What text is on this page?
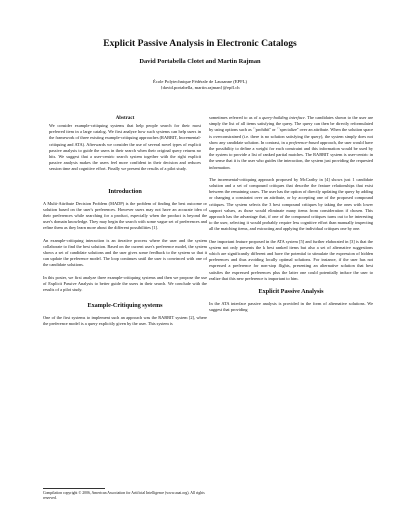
Explicit Passive Analysis in Electronic Catalogs
David Portabella Clotet and Martin Rajman
École Polytechnique Fédérale de Lausanne (EPFL)
{david.portabella, martin.rajman}@epfl.ch
Abstract

We consider example-critiquing systems that help people search for their most preferred item in a large catalog. We first analyze how such systems can help users in the framework of three existing example-critiquing approaches (RABBIT, Incremental-critiquing and ATA). Afterwards we consider the use of several novel types of explicit passive analysis to guide the users in their search when their original query returns no hits. We suggest that a user-centric search system together with the right explicit passive analysis makes the users feel more confident in their decision and reduces session time and cognitive effort. Finally we present the results of a pilot study.

Introduction

A Multi-Attribute Decision Problem (MADP) is the problem of finding the best outcome or solution based on the user's preferences. However users may not have an accurate idea of their preferences while searching for a product, especially when the product is beyond the user's domain knowledge. They may begin the search with some vague set of preferences and refine them as they learn more about the different possibilities [1].

An example-critiquing interaction is an iterative process where the user and the system collaborate to find the best solution. Based on the current user's preference model, the system shows a set of candidate solutions and the user gives some feedback to the system so that it can update the preference model. The loop continues until the user is convinced with one of the candidate solutions.

In this poster, we first analyze three example-critiquing systems and then we propose the use of Explicit Passive Analysis to better guide the users in their search. We conclude with the results of a pilot study.

Example-Critiquing systems

One of the first systems to implement such an approach was the RABBIT system [2], where the preference model is a query explicitly given by the user. This system is

sometimes referred to as of a query-building interface. The candidates shown to the user are simply the list of all items satisfying the query. The query can then be directly reformulated by using options such as ``prohibit'' or ``specialize'' over an attribute. When the solution space is overconstrained (i.e. there is no solution satisfying the query), the system simply does not show any candidate solution. In contrast, in a preference-based approach, the user would have the possibility to define a weight for each constraint and this information would be used by the system to provide a list of ranked partial matches. The RABBIT system is user-centric in the sense that it is the user who guides the interaction, the system just providing the requested information.

The incremental-critiquing approach proposed by McCarthy in [4] shows just 1 candidate solution and a set of compound critiques that describe the feature relationships that exist between the remaining cases. The user has the option of directly updating the query by adding or changing a constraint over an attribute, or by accepting one of the proposed compound critiques. The system selects the 3 best compound critiques by taking the ones with lower support values, as those would eliminate many items from consideration if chosen. This approach has the advantage that, if one of the compound critiques turns out to be interesting to the user, selecting it would probably require less cognitive effort than manually inspecting all the matching items, and extracting and applying the individual critiques one by one.

One important feature proposed in the ATA system [5] and further elaborated in [3] is that the system not only presents the k best ranked items but also a set of alternative suggestions which are significantly different and have the potential to stimulate the expression of hidden preferences and thus avoiding locally optimal solutions. For instance, if the user has not expressed a preference for non-stop flights, presenting an alternative solution that best satisfies the expressed preferences plus the latter one could potentially induce the user to realize that this new preference is important to him.

Explicit Passive Analysis

In the ATA interface passive analysis is provided in the form of alternative solutions. We suggest that providing

Compilation copyright © 2006, American Association for Artificial Intelligence (www.aaai.org). All rights reserved.
